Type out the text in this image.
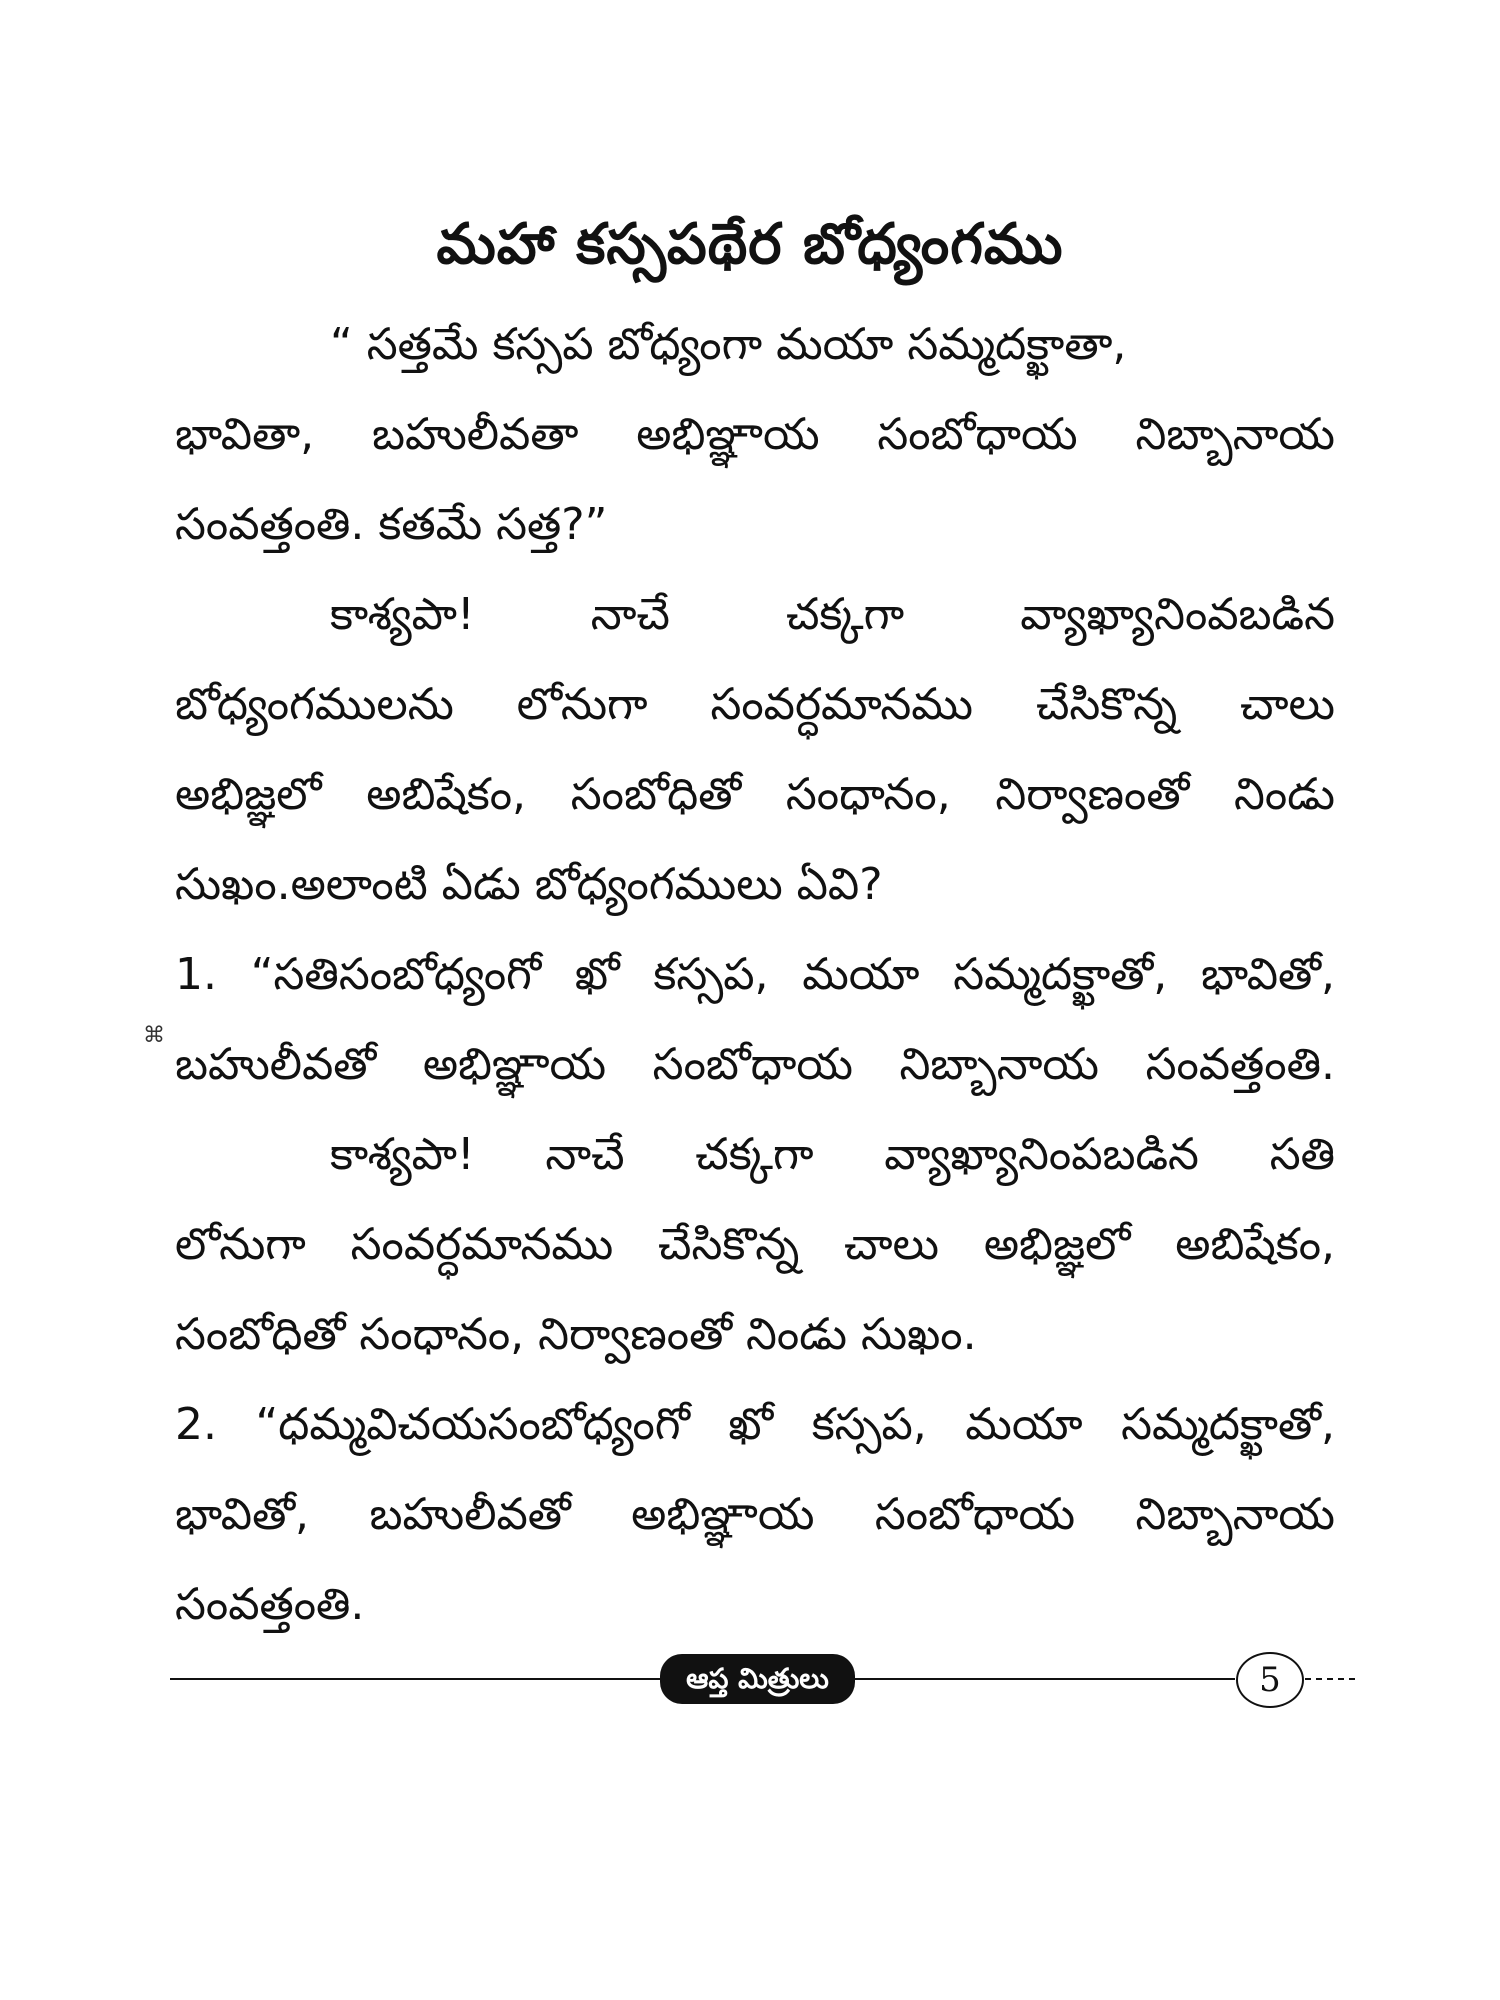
మహా కస్సపథేర బోధ్యంగము
⌘
“ సత్తమే కస్సప బోధ్యంగా మయా సమ్మదక్ఖాతా,
భావితా, బహులీవతా అభిఞ్ఞాయ సంబోధాయ నిబ్బానాయ
సంవత్తంతి. కతమే సత్త?”
కాశ్యపా! నాచే చక్కగా వ్యాఖ్యానింవబడిన
బోధ్యంగములను లోనుగా సంవర్ధమానము చేసికొన్న చాలు
అభిజ్ఞలో అబిషేకం, సంబోధితో సంధానం, నిర్వాణంతో నిండు
సుఖం.అలాంటి ఏడు బోధ్యంగములు ఏవి?
1. “సతిసంబోధ్యంగో ఖో కస్సప, మయా సమ్మదక్ఖాతో, భావితో,
బహులీవతో అభిఞ్ఞాయ సంబోధాయ నిబ్బానాయ సంవత్తంతి.
కాశ్యపా! నాచే చక్కగా వ్యాఖ్యానింపబడిన సతి
లోనుగా సంవర్ధమానము చేసికొన్న చాలు అభిజ్ఞలో అబిషేకం,
సంబోధితో సంధానం, నిర్వాణంతో నిండు సుఖం.
2. “ధమ్మవిచయసంబోధ్యంగో ఖో కస్సప, మయా సమ్మదక్ఖాతో,
భావితో, బహులీవతో అభిఞ్ఞాయ సంబోధాయ నిబ్బానాయ
సంవత్తంతి.
ఆప్త మిత్రులు	5
